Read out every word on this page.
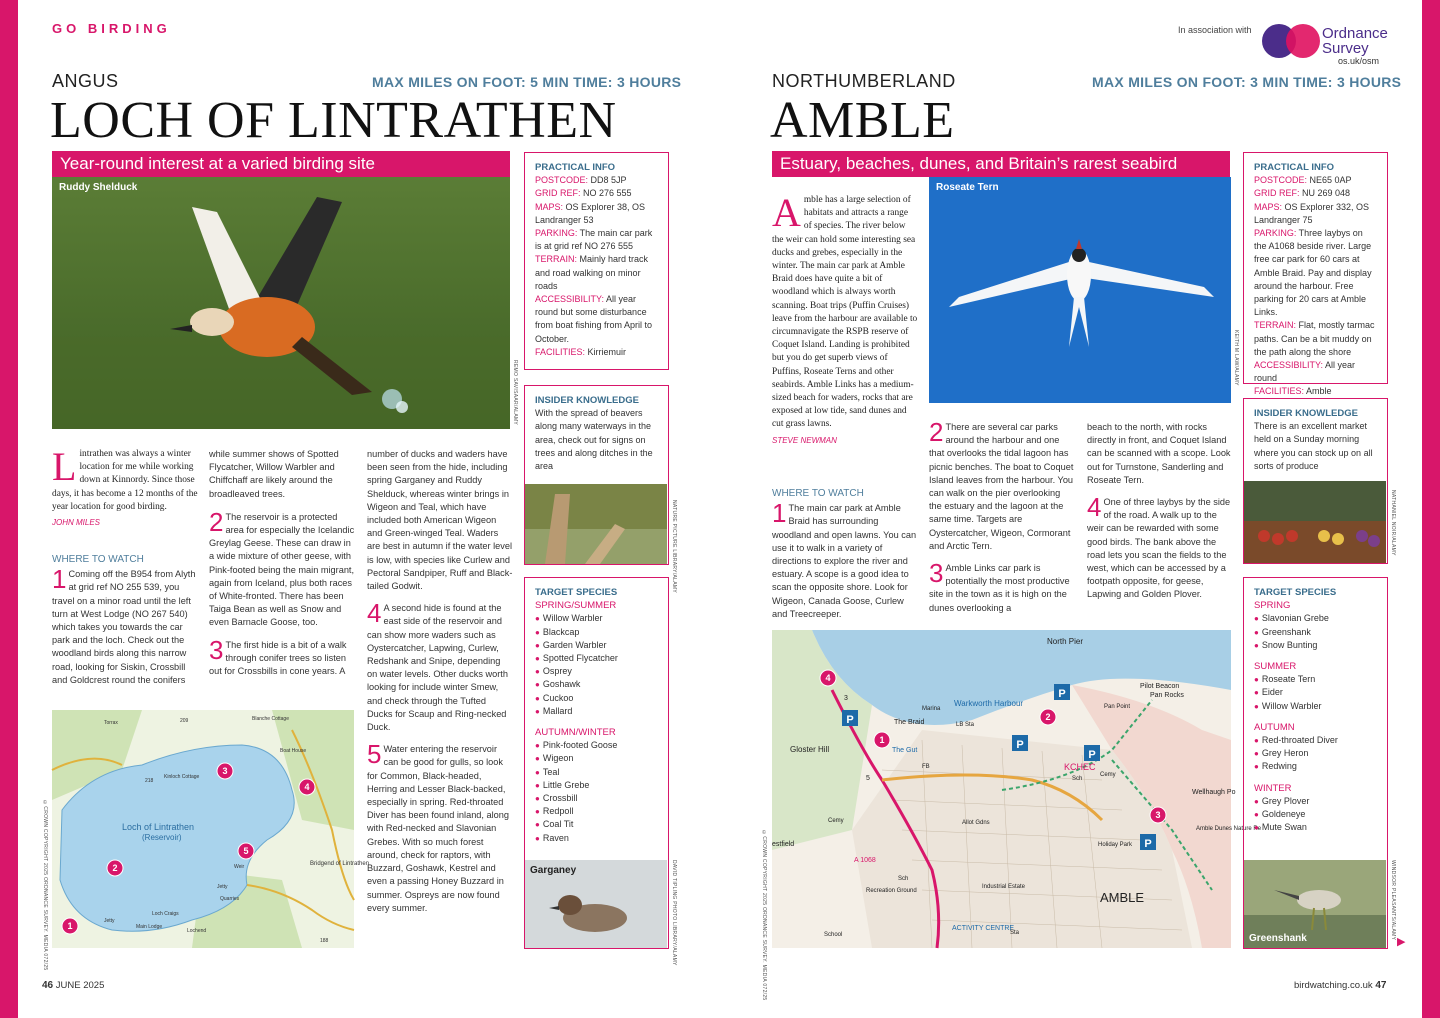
GO BIRDING	In association with	Ordnance
Survey
os.uk/osm
ANGUS	MAX MILES ON FOOT: 5 MIN TIME: 3 HOURS
LOCH OF LINTRATHEN
Year-round interest at a varied birding site
Ruddy Shelduck
REMO SAVISAAR/ALAMY
Lintrathen was always a winter location for me while working down at Kinnordy. Since those days, it has become a 12 months of the year location for good birding.
JOHN MILES
WHERE TO WATCH

1 Coming off the B954 from Alyth at grid ref NO 255 539, you travel on a minor road until the left turn at West Lodge (NO 267 540) which takes you towards the car park and the loch. Check out the woodland birds along this narrow road, looking for Siskin, Crossbill and Goldcrest round the conifers

while summer shows of Spotted Flycatcher, Willow Warbler and Chiffchaff are likely around the broadleaved trees.

2 The reservoir is a protected area for especially the Icelandic Greylag Geese. These can draw in a wide mixture of other geese, with Pink-footed being the main migrant, again from Iceland, plus both races of White-fronted. There has been Taiga Bean as well as Snow and even Barnacle Goose, too.

3 The first hide is a bit of a walk through conifer trees so listen out for Crossbills in cone years. A

number of ducks and waders have been seen from the hide, including spring Garganey and Ruddy Shelduck, whereas winter brings in Wigeon and Teal, which have included both American Wigeon and Green-winged Teal. Waders are best in autumn if the water level is low, with species like Curlew and Pectoral Sandpiper, Ruff and Black-tailed Godwit.

4 A second hide is found at the east side of the reservoir and can show more waders such as Oystercatcher, Lapwing, Curlew, Redshank and Snipe, depending on water levels. Other ducks worth looking for include winter Smew, and check through the Tufted Ducks for Scaup and Ring-necked Duck.

5 Water entering the reservoir can be good for gulls, so look for Common, Black-headed, Herring and Lesser Black-backed, especially in spring. Red-throated Diver has been found inland, along with Red-necked and Slavonian Grebes. With so much forest around, check for raptors, with Buzzard, Goshawk, Kestrel and even a passing Honey Buzzard in summer. Ospreys are now found every summer.

Loch of Lintrathen
(Reservoir)
Kinloch Cottage
Boat House
Blanche Cottage
Bridgend of Lintrathen
Loch Craigs
Quarries
Jetty
Jetty
Weir
Torrax	209
218
188
Main Lodge
Lochend
1
2
3
4
5
©CROWN COPYRIGHT 2025 ORDNANCE SURVEY. MEDIA 072/25
PRACTICAL INFO
POSTCODE: DD8 5JP
GRID REF: NO 276 555
MAPS: OS Explorer 38, OS Landranger 53
PARKING: The main car park is at grid ref NO 276 555
TERRAIN: Mainly hard track and road walking on minor roads
ACCESSIBILITY: All year round but some disturbance from boat fishing from April to October.
FACILITIES: Kirriemuir
INSIDER KNOWLEDGE
With the spread of beavers along many waterways in the area, check out for signs on trees and along ditches in the area
NATURE PICTURE LIBRARY/ALAMY
TARGET SPECIES
SPRING/SUMMER
● Willow Warbler
● Blackcap
● Garden Warbler
● Spotted Flycatcher
● Osprey
● Goshawk
● Cuckoo
● Mallard
AUTUMN/WINTER
● Pink-footed Goose
● Wigeon
● Teal
● Little Grebe
● Crossbill
● Redpoll
● Coal Tit
● Raven
Garganey	DAVID TIPLING PHOTO LIBRARY/ALAMY
NORTHUMBERLAND	MAX MILES ON FOOT: 3 MIN TIME: 3 HOURS
AMBLE
Estuary, beaches, dunes, and Britain’s rarest seabird
Amble has a large selection of habitats and attracts a range of species. The river below the weir can hold some interesting sea ducks and grebes, especially in the winter. The main car park at Amble Braid does have quite a bit of woodland which is always worth scanning. Boat trips (Puffin Cruises) leave from the harbour are available to circumnavigate the RSPB reserve of Coquet Island. Landing is prohibited but you do get superb views of Puffins, Roseate Terns and other seabirds. Amble Links has a medium-sized beach for waders, rocks that are exposed at low tide, sand dunes and cut grass lawns.
STEVE NEWMAN
Roseate Tern
KEITH M LAW/ALAMY
WHERE TO WATCH

1 The main car park at Amble Braid has surrounding woodland and open lawns. You can use it to walk in a variety of directions to explore the river and estuary. A scope is a good idea to scan the opposite shore. Look for Wigeon, Canada Goose, Curlew and Treecreeper.

2 There are several car parks around the harbour and one that overlooks the tidal lagoon has picnic benches. The boat to Coquet Island leaves from the harbour. You can walk on the pier overlooking the estuary and the lagoon at the same time. Targets are Oystercatcher, Wigeon, Cormorant and Arctic Tern.

3 Amble Links car park is potentially the most productive site in the town as it is high on the dunes overlooking a

beach to the north, with rocks directly in front, and Coquet Island can be scanned with a scope. Look out for Turnstone, Sanderling and Roseate Tern.

4 One of three laybys by the side of the road. A walk up to the weir can be rewarded with some good birds. The bank above the road lets you scan the fields to the west, which can be accessed by a footpath opposite, for geese, Lapwing and Golden Plover.

North Pier
Pilot Beacon
Pan Rocks
Pan Point
Warkworth Harbour
Marina
LB Sta
The Braid
The Gut
Gloster Hill
AMBLE
Wellhaugh Po
Amble Dunes Nature Re
Holiday Park
Industrial Estate
Recreation Ground
ACTIVITY CENTRE
School
Allot Gdns
estfield
KCHEC
Cemy
Cemy
Sch
Sch
Sta
FB
A 1068
3
5
P
P
P
P
P
1
2
3
4
©CROWN COPYRIGHT 2025 ORDNANCE SURVEY. MEDIA 072/25
PRACTICAL INFO
POSTCODE: NE65 0AP
GRID REF: NU 269 048
MAPS: OS Explorer 332, OS Landranger 75
PARKING: Three laybys on the A1068 beside river. Large free car park for 60 cars at Amble Braid. Pay and display around the harbour. Free parking for 20 cars at Amble Links.
TERRAIN: Flat, mostly tarmac paths. Can be a bit muddy on the path along the shore
ACCESSIBILITY: All year round
FACILITIES: Amble
INSIDER KNOWLEDGE
There is an excellent market held on a Sunday morning where you can stock up on all sorts of produce
NATHANIEL NOIR/ALAMY
TARGET SPECIES
SPRING
● Slavonian Grebe
● Greenshank
● Snow Bunting
SUMMER
● Roseate Tern
● Eider
● Willow Warbler
AUTUMN
● Red-throated Diver
● Grey Heron
● Redwing
WINTER
● Grey Plover
● Goldeneye
● Mute Swan
Greenshank	WINDSOR PLEASANTS/ALAMY
46 JUNE 2025	birdwatching.co.uk 47
▶
